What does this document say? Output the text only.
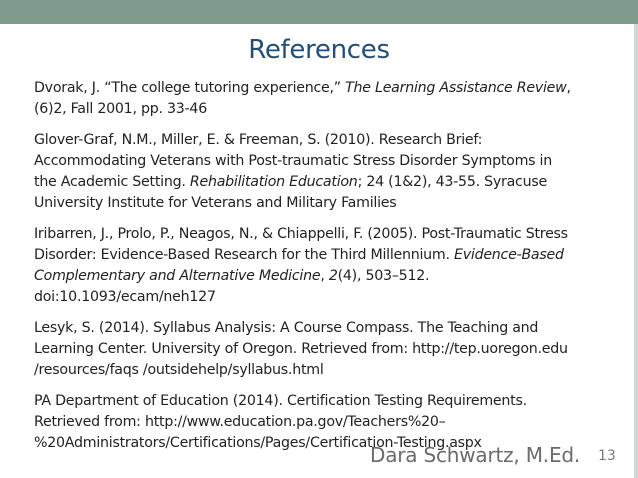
References

Dvorak, J. “The college tutoring experience,” The Learning Assistance Review,
(6)2, Fall 2001, pp. 33-46

Glover-Graf, N.M., Miller, E. & Freeman, S. (2010). Research Brief:
Accommodating Veterans with Post-traumatic Stress Disorder Symptoms in
the Academic Setting. Rehabilitation Education; 24 (1&2), 43-55. Syracuse
University Institute for Veterans and Military Families

Iribarren, J., Prolo, P., Neagos, N., & Chiappelli, F. (2005). Post-Traumatic Stress
Disorder: Evidence-Based Research for the Third Millennium. Evidence-Based
Complementary and Alternative Medicine, 2(4), 503–512.
doi:10.1093/ecam/neh127

Lesyk, S. (2014). Syllabus Analysis: A Course Compass. The Teaching and
Learning Center. University of Oregon. Retrieved from: http://tep.uoregon.edu
/resources/faqs /outsidehelp/syllabus.html

PA Department of Education (2014). Certification Testing Requirements.
Retrieved from: http://www.education.pa.gov/Teachers%20–
%20Administrators/Certifications/Pages/Certification-Testing.aspx

Dara Schwartz, M.Ed. 13
